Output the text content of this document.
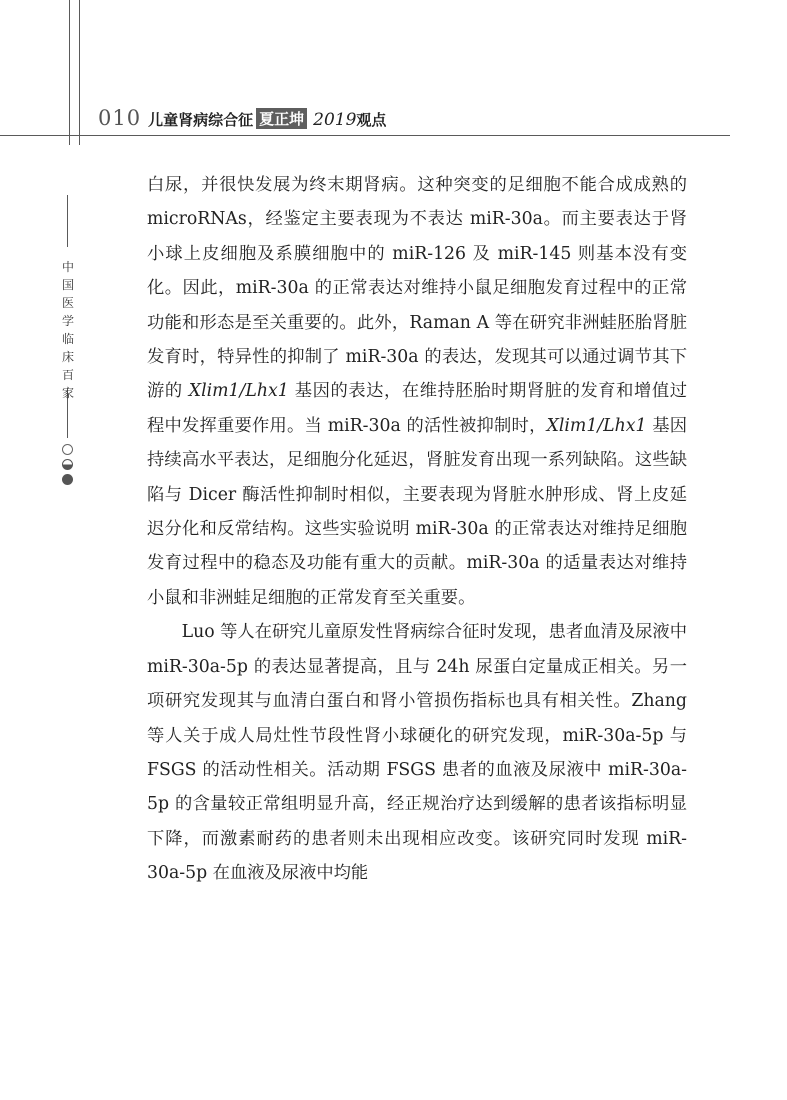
010 儿童肾病综合征 夏正坤 2019 观点
中国医学临床百家

白尿，并很快发展为终末期肾病。这种突变的足细胞不能合成成熟的 microRNAs，经鉴定主要表现为不表达 miR-30a。而主要表达于肾小球上皮细胞及系膜细胞中的 miR-126 及 miR-145 则基本没有变化。因此，miR-30a 的正常表达对维持小鼠足细胞发育过程中的正常功能和形态是至关重要的。此外，Raman A 等在研究非洲蛙胚胎肾脏发育时，特异性的抑制了 miR-30a 的表达，发现其可以通过调节其下游的 Xlim1/Lhx1 基因的表达，在维持胚胎时期肾脏的发育和增值过程中发挥重要作用。当 miR-30a 的活性被抑制时，Xlim1/Lhx1 基因持续高水平表达，足细胞分化延迟，肾脏发育出现一系列缺陷。这些缺陷与 Dicer 酶活性抑制时相似，主要表现为肾脏水肿形成、肾上皮延迟分化和反常结构。这些实验说明 miR-30a 的正常表达对维持足细胞发育过程中的稳态及功能有重大的贡献。miR-30a 的适量表达对维持小鼠和非洲蛙足细胞的正常发育至关重要。

Luo 等人在研究儿童原发性肾病综合征时发现，患者血清及尿液中 miR-30a-5p 的表达显著提高，且与 24h 尿蛋白定量成正相关。另一项研究发现其与血清白蛋白和肾小管损伤指标也具有相关性。Zhang 等人关于成人局灶性节段性肾小球硬化的研究发现，miR-30a-5p 与 FSGS 的活动性相关。活动期 FSGS 患者的血液及尿液中 miR-30a-5p 的含量较正常组明显升高，经正规治疗达到缓解的患者该指标明显下降，而激素耐药的患者则未出现相应改变。该研究同时发现 miR-30a-5p 在血液及尿液中均能
